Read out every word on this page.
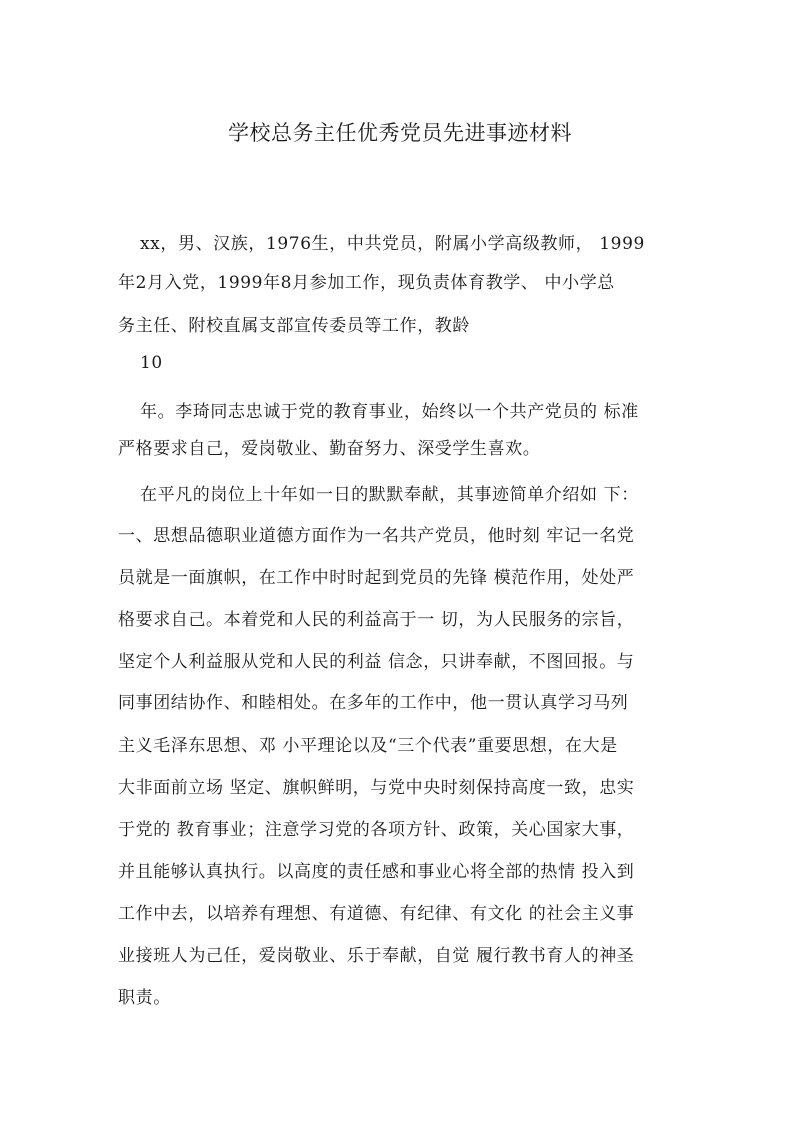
学校总务主任优秀党员先进事迹材料
xx，男、汉族，1976生，中共党员，附属小学高级教师， 1999
年2月入党，1999年8月参加工作，现负责体育教学、 中小学总
务主任、附校直属支部宣传委员等工作，教龄
10
年。李琦同志忠诚于党的教育事业，始终以一个共产党员的 标准
严格要求自己，爱岗敬业、勤奋努力、深受学生喜欢。
在平凡的岗位上十年如一日的默默奉献，其事迹简单介绍如 下：
一、思想品德职业道德方面作为一名共产党员，他时刻 牢记一名党
员就是一面旗帜，在工作中时时起到党员的先锋 模范作用，处处严
格要求自己。本着党和人民的利益高于一 切，为人民服务的宗旨，
坚定个人利益服从党和人民的利益 信念，只讲奉献，不图回报。与
同事团结协作、和睦相处。在多年的工作中，他一贯认真学习马列
主义毛泽东思想、邓 小平理论以及“三个代表”重要思想，在大是
大非面前立场 坚定、旗帜鲜明，与党中央时刻保持高度一致，忠实
于党的 教育事业；注意学习党的各项方针、政策，关心国家大事，
并且能够认真执行。以高度的责任感和事业心将全部的热情 投入到
工作中去，以培养有理想、有道德、有纪律、有文化 的社会主义事
业接班人为己任，爱岗敬业、乐于奉献，自觉 履行教书育人的神圣
职责。
